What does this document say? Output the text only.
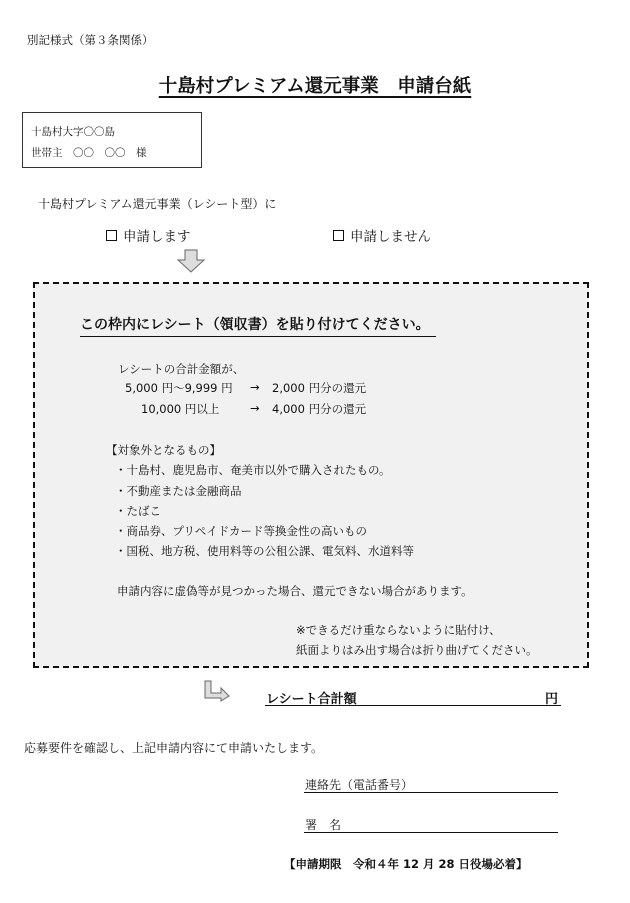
別記様式（第３条関係）
十島村プレミアム還元事業　申請台紙
十島村大字〇〇島
世帯主　〇〇　〇〇　様
十島村プレミアム還元事業（レシート型）に
申請します	申請しません
この枠内にレシート（領収書）を貼り付けてください。
レシートの合計金額が、
5,000 円～9,999 円 → 2,000 円分の還元
10,000 円以上	→ 4,000 円分の還元
【対象外となるもの】
・十島村、鹿児島市、奄美市以外で購入されたもの。
・不動産または金融商品
・たばこ
・商品券、プリペイドカード等換金性の高いもの
・国税、地方税、使用料等の公租公課、電気料、水道料等
申請内容に虚偽等が見つかった場合、還元できない場合があります。
※できるだけ重ならないように貼付け、
紙面よりはみ出す場合は折り曲げてください。
レシート合計額	円
応募要件を確認し、上記申請内容にて申請いたします。
連絡先（電話番号）
署　名
【申請期限　令和４年 12 月 28 日役場必着】
